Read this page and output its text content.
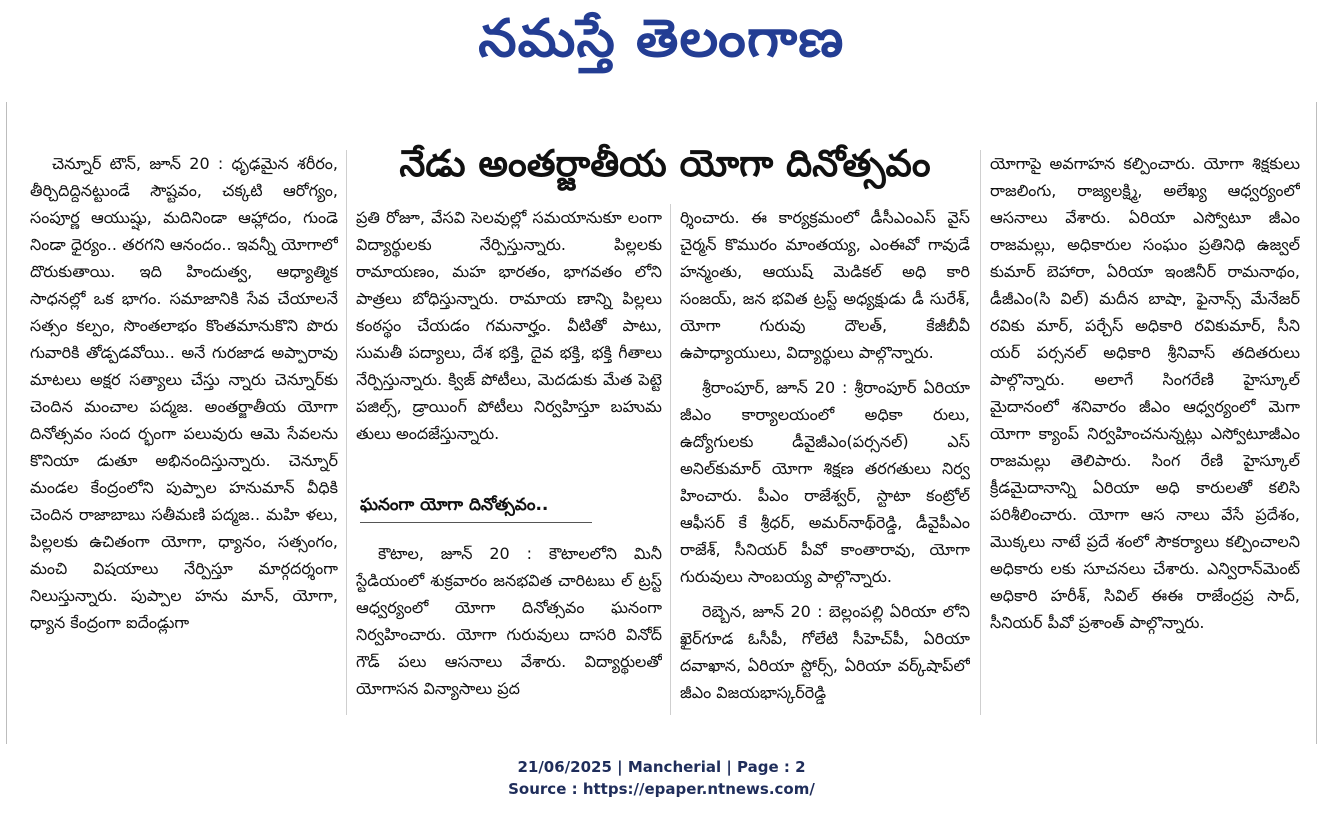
నమస్తే తెలంగాణ

చెన్నూర్ టౌన్, జూన్ 20 : ధృఢమైన శరీరం, తీర్చిదిద్దినట్టుండే సౌష్టవం, చక్కటి ఆరోగ్యం, సంపూర్ణ ఆయుష్షు, మదినిండా ఆహ్లాదం, గుండె నిండా ధైర్యం.. తరగని ఆనందం.. ఇవన్నీ యోగాలో దొరుకుతాయి. ఇది హిందుత్వ, ఆధ్యాత్మిక సాధనల్లో ఒక భాగం. సమాజానికి సేవ చేయాలనే సత్సం కల్పం, సొంతలాభం కొంతమానుకొని పొరు గువారికి తోడ్పడవోయి.. అనే గురజాడ అప్పారావు మాటలు అక్షర సత్యాలు చేస్తు న్నారు చెన్నూర్‌కు చెందిన మంచాల పద్మజ. అంతర్జాతీయ యోగా దినోత్సవం సంద ర్భంగా పలువురు ఆమె సేవలను కొనియా డుతూ అభినందిస్తున్నారు. చెన్నూర్ మండల కేంద్రంలోని పుప్పాల హనుమాన్ వీధికి చెందిన రాజాబాబు సతీమణి పద్మజ.. మహి ళలు, పిల్లలకు ఉచితంగా యోగా, ధ్యానం, సత్సంగం, మంచి విషయాలు నేర్పిస్తూ మార్గదర్శంగా నిలుస్తున్నారు. పుప్పాల హను మాన్, యోగా, ధ్యాన కేంద్రంగా ఐదేండ్లుగా

నేడు అంతర్జాతీయ యోగా దినోత్సవం

ప్రతి రోజూ, వేసవి సెలవుల్లో సమయానుకూ లంగా విద్యార్థులకు నేర్పిస్తున్నారు. పిల్లలకు రామాయణం, మహ భారతం, భాగవతం లోని పాత్రలు బోధిస్తున్నారు. రామాయ ణాన్ని పిల్లలు కంఠస్థం చేయడం గమనార్హం. వీటితో పాటు, సుమతీ పద్యాలు, దేశ భక్తి, దైవ భక్తి, భక్తి గీతాలు నేర్పిస్తున్నారు. క్విజ్ పోటీలు, మెదడుకు మేత పెట్టె పజిల్స్, డ్రాయింగ్ పోటీలు నిర్వహిస్తూ బహుమ తులు అందజేస్తున్నారు.

ఘనంగా యోగా దినోత్సవం..

కౌటాల, జూన్ 20 : కౌటాలలోని మినీ స్టేడియంలో శుక్రవారం జనభవిత చారిటబు ల్ ట్రస్ట్ ఆధ్వర్యంలో యోగా దినోత్సవం ఘనంగా నిర్వహించారు. యోగా గురువులు దాసరి వినోద్ గౌడ్ పలు ఆసనాలు వేశారు. విద్యార్థులతో యోగాసన విన్యాసాలు ప్రద

ర్శించారు. ఈ కార్యక్రమంలో డీసీఎంఎస్ వైస్ చైర్మన్ కొమురం మాంతయ్య, ఎంఈవో గావుడే హన్మంతు, ఆయుష్ మెడికల్ అధి కారి సంజయ్, జన భవిత ట్రస్ట్ అధ్యక్షుడు డీ సురేశ్, యోగా గురువు దౌలత్, కేజీబీవీ ఉపాధ్యాయులు, విద్యార్థులు పాల్గొన్నారు.

శ్రీరాంపూర్, జూన్ 20 : శ్రీరాంపూర్ ఏరియా జీఎం కార్యాలయంలో అధికా రులు, ఉద్యోగులకు డీవైజీఎం(పర్సనల్) ఎస్ అనిల్‌కుమార్ యోగా శిక్షణ తరగతులు నిర్వ హించారు. పీఎం రాజేశ్వర్, స్టాటా కంట్రోల్ ఆఫీసర్ కే శ్రీధర్, అమర్‌నాథ్‌రెడ్డి, డీవైపీఎం రాజేశ్, సీనియర్ పీవో కాంతారావు, యోగా గురువులు సాంబయ్య పాల్గొన్నారు.

రెబ్బెన, జూన్ 20 : బెల్లంపల్లి ఏరియా లోని ఖైర్‌గూడ ఓసీపీ, గోలేటి సీహెచ్‌పీ, ఏరియా దవాఖాన, ఏరియా స్టోర్స్, ఏరియా వర్క్‌షాప్‌లో జీఎం విజయభాస్కర్‌రెడ్డి

యోగాపై అవగాహన కల్పించారు. యోగా శిక్షకులు రాజలింగు, రాజ్యలక్ష్మి, అలేఖ్య ఆధ్వర్యంలో ఆసనాలు వేశారు. ఏరియా ఎస్వోటూ జీఎం రాజమల్లు, అధికారుల సంఘం ప్రతినిధి ఉజ్వల్ కుమార్ బెహారా, ఏరియా ఇంజినీర్ రామనాథం, డీజీఎం(సి విల్) మదీన బాషా, ఫైనాన్స్ మేనేజర్ రవికు మార్, పర్చేస్ అధికారి రవికుమార్, సీని యర్ పర్సనల్ అధికారి శ్రీనివాస్ తదితరులు పాల్గొన్నారు. అలాగే సింగరేణి హైస్కూల్ మైదానంలో శనివారం జీఎం ఆధ్వర్యంలో మెగా యోగా క్యాంప్ నిర్వహించనున్నట్లు ఎస్వోటూజీఎం రాజమల్లు తెలిపారు. సింగ రేణి హైస్కూల్ క్రీడమైదానాన్ని ఏరియా అధి కారులతో కలిసి పరిశీలించారు. యోగా ఆస నాలు వేసే ప్రదేశం, మొక్కలు నాటే ప్రదే శంలో సౌకర్యాలు కల్పించాలని అధికారు లకు సూచనలు చేశారు. ఎన్విరాన్‌మెంట్ అధికారి హరీశ్, సివిల్ ఈఈ రాజేంద్రప్ర సాద్, సీనియర్ పీవో ప్రశాంత్ పాల్గొన్నారు.

21/06/2025 | Mancherial | Page : 2
Source : https://epaper.ntnews.com/
